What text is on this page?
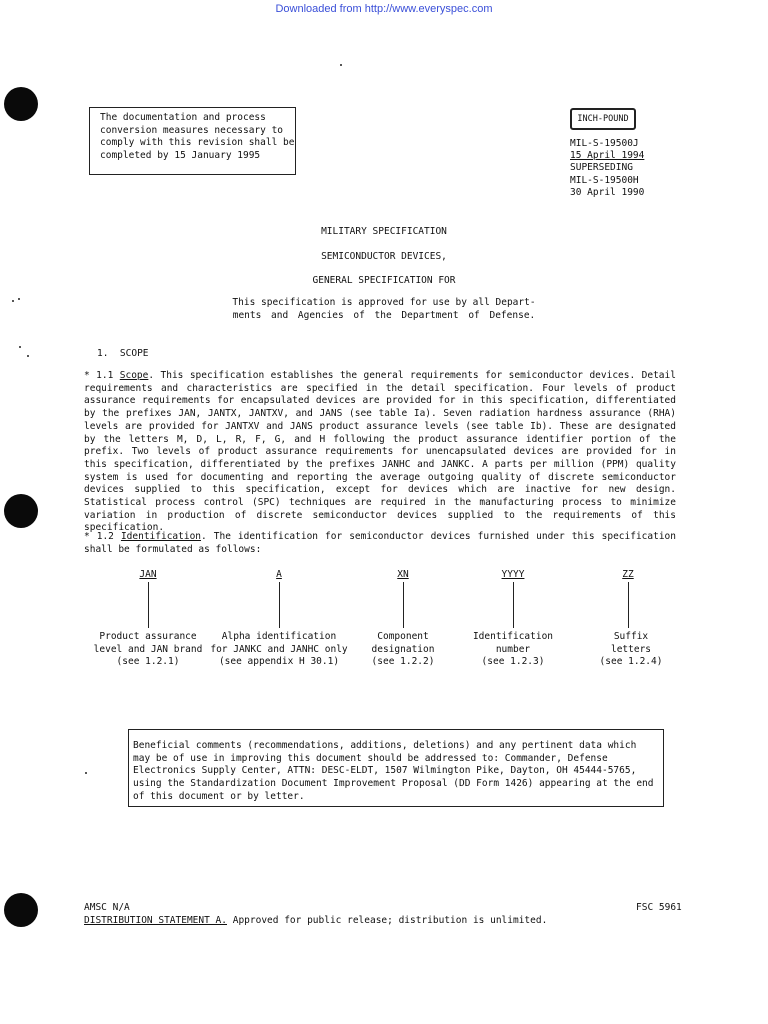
Downloaded from http://www.everyspec.com
The documentation and process conversion measures necessary to comply with this revision shall be completed by 15 January 1995
INCH-POUND
MIL-S-19500J
15 April 1994
SUPERSEDING
MIL-S-19500H
30 April 1990
MILITARY SPECIFICATION
SEMICONDUCTOR DEVICES,
GENERAL SPECIFICATION FOR
This specification is approved for use by all Depart-
ments and Agencies of the Department of Defense.
1. SCOPE
* 1.1 Scope. This specification establishes the general requirements for semiconductor devices. Detail requirements and characteristics are specified in the detail specification. Four levels of product assurance requirements for encapsulated devices are provided for in this specification, differentiated by the prefixes JAN, JANTX, JANTXV, and JANS (see table Ia). Seven radiation hardness assurance (RHA) levels are provided for JANTXV and JANS product assurance levels (see table Ib). These are designated by the letters M, D, L, R, F, G, and H following the product assurance identifier portion of the prefix. Two levels of product assurance requirements for unencapsulated devices are provided for in this specification, differentiated by the prefixes JANHC and JANKC. A parts per million (PPM) quality system is used for documenting and reporting the average outgoing quality of discrete semiconductor devices supplied to this specification, except for devices which are inactive for new design. Statistical process control (SPC) techniques are required in the manufacturing process to minimize variation in production of discrete semiconductor devices supplied to the requirements of this specification.
* 1.2 Identification. The identification for semiconductor devices furnished under this specification shall be formulated as follows:
JAN	A	XN	YYYY	ZZ
Product assurance
level and JAN brand
(see 1.2.1)
Alpha identification
for JANKC and JANHC only
(see appendix H 30.1)
Component
designation
(see 1.2.2)
Identification
number
(see 1.2.3)
Suffix
letters
(see 1.2.4)
Beneficial comments (recommendations, additions, deletions) and any pertinent data which may be of use in improving this document should be addressed to: Commander, Defense Electronics Supply Center, ATTN: DESC-ELDT, 1507 Wilmington Pike, Dayton, OH 45444-5765, using the Standardization Document Improvement Proposal (DD Form 1426) appearing at the end of this document or by letter.
AMSC N/A	FSC 5961
DISTRIBUTION STATEMENT A. Approved for public release; distribution is unlimited.
